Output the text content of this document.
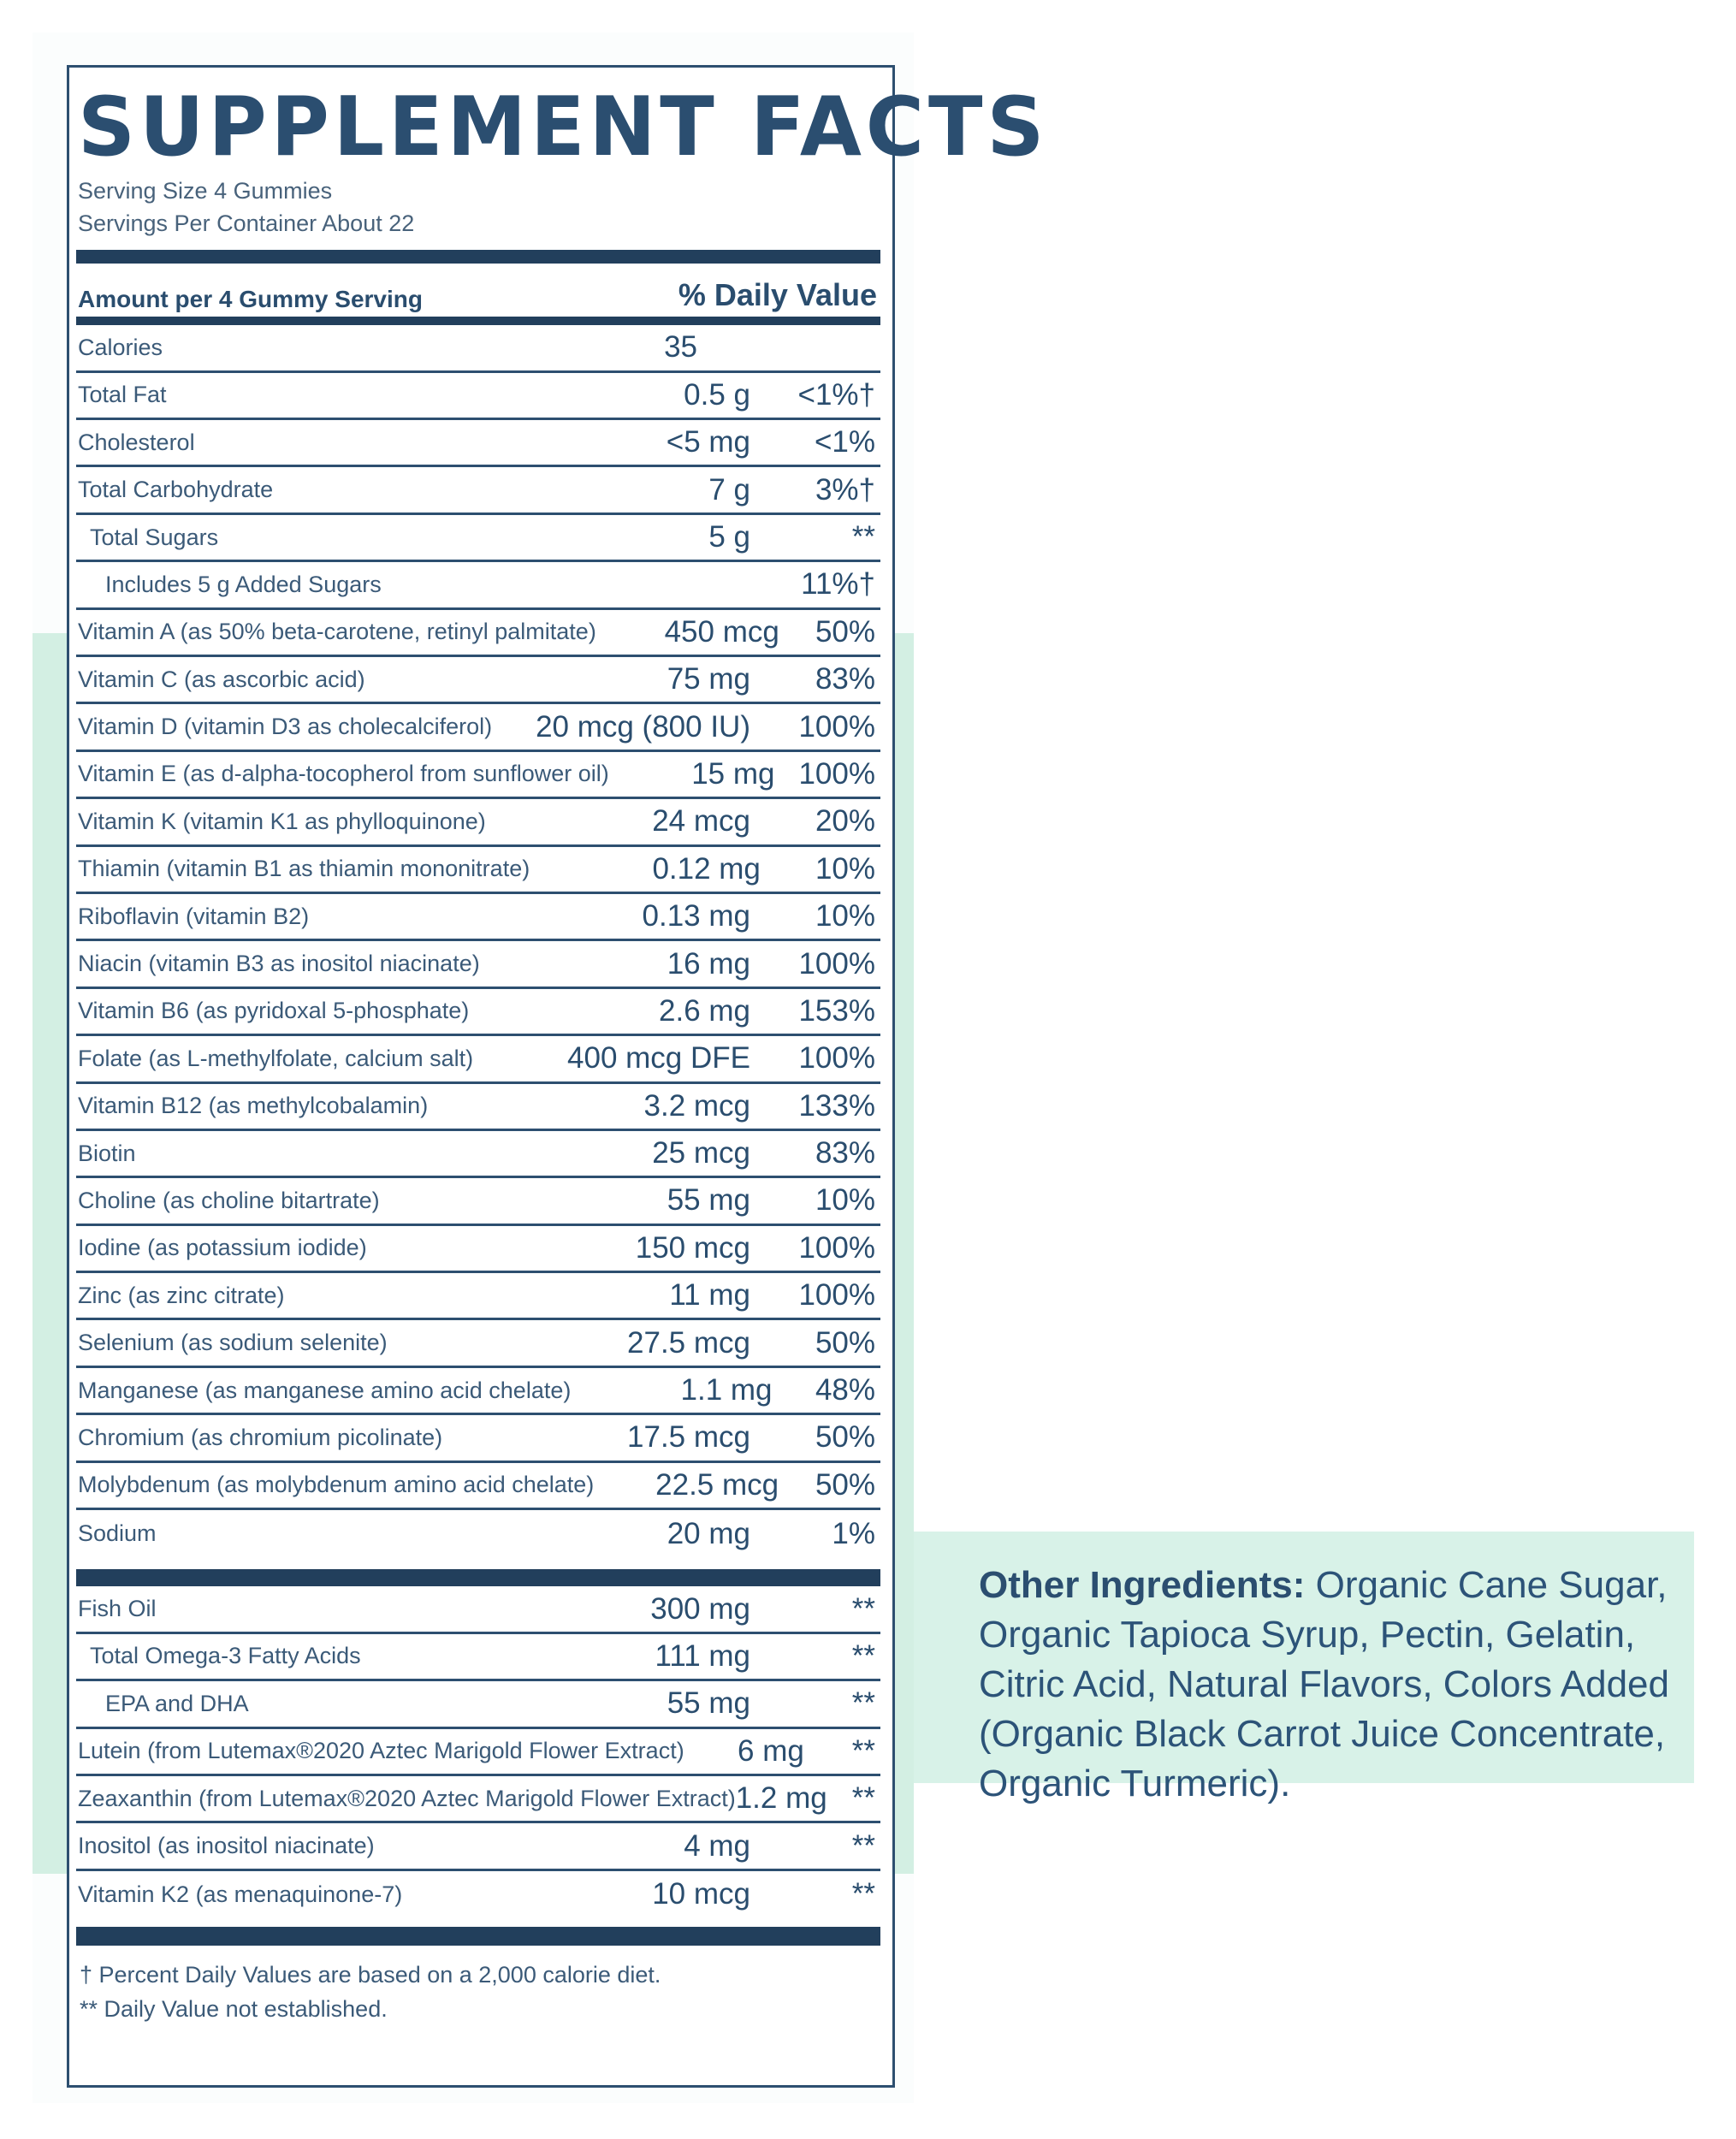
SUPPLEMENT FACTS
Serving Size 4 Gummies
Servings Per Container About 22
Amount per 4 Gummy Serving	% Daily Value
Calories	35
Total Fat	0.5 g	<1%†
Cholesterol	<5 mg	<1%
Total Carbohydrate	7 g	3%†
Total Sugars	5 g	**
Includes 5 g Added Sugars	11%†
Vitamin A (as 50% beta-carotene, retinyl palmitate)	450 mcg	50%
Vitamin C (as ascorbic acid)	75 mg	83%
Vitamin D (vitamin D3 as cholecalciferol)	20 mcg (800 IU)	100%
Vitamin E (as d-alpha-tocopherol from sunflower oil)	15 mg 100%
Vitamin K (vitamin K1 as phylloquinone)	24 mcg	20%
Thiamin (vitamin B1 as thiamin mononitrate)	0.12 mg	10%
Riboflavin (vitamin B2)	0.13 mg	10%
Niacin (vitamin B3 as inositol niacinate)	16 mg	100%
Vitamin B6 (as pyridoxal 5-phosphate)	2.6 mg	153%
Folate (as L-methylfolate, calcium salt)	400 mcg DFE	100%
Vitamin B12 (as methylcobalamin)	3.2 mcg	133%
Biotin	25 mcg	83%
Choline (as choline bitartrate)	55 mg	10%
Iodine (as potassium iodide)	150 mcg	100%
Zinc (as zinc citrate)	11 mg	100%
Selenium (as sodium selenite)	27.5 mcg	50%
Manganese (as manganese amino acid chelate)	1.1 mg	48%
Chromium (as chromium picolinate)	17.5 mcg	50%
Molybdenum (as molybdenum amino acid chelate)	22.5 mcg	50%
Sodium	20 mg	1%
Fish Oil	300 mg	**
Total Omega-3 Fatty Acids	111 mg	**
EPA and DHA	55 mg	**
Lutein (from Lutemax®2020 Aztec Marigold Flower Extract)	6 mg	**
Zeaxanthin (from Lutemax®2020 Aztec Marigold Flower Extract) 1.2 mg **
Inositol (as inositol niacinate)	4 mg	**
Vitamin K2 (as menaquinone-7)	10 mcg	**
† Percent Daily Values are based on a 2,000 calorie diet.
** Daily Value not established.
Other Ingredients: Organic Cane Sugar, Organic Tapioca Syrup, Pectin, Gelatin, Citric Acid, Natural Flavors, Colors Added (Organic Black Carrot Juice Concentrate, Organic Turmeric).
